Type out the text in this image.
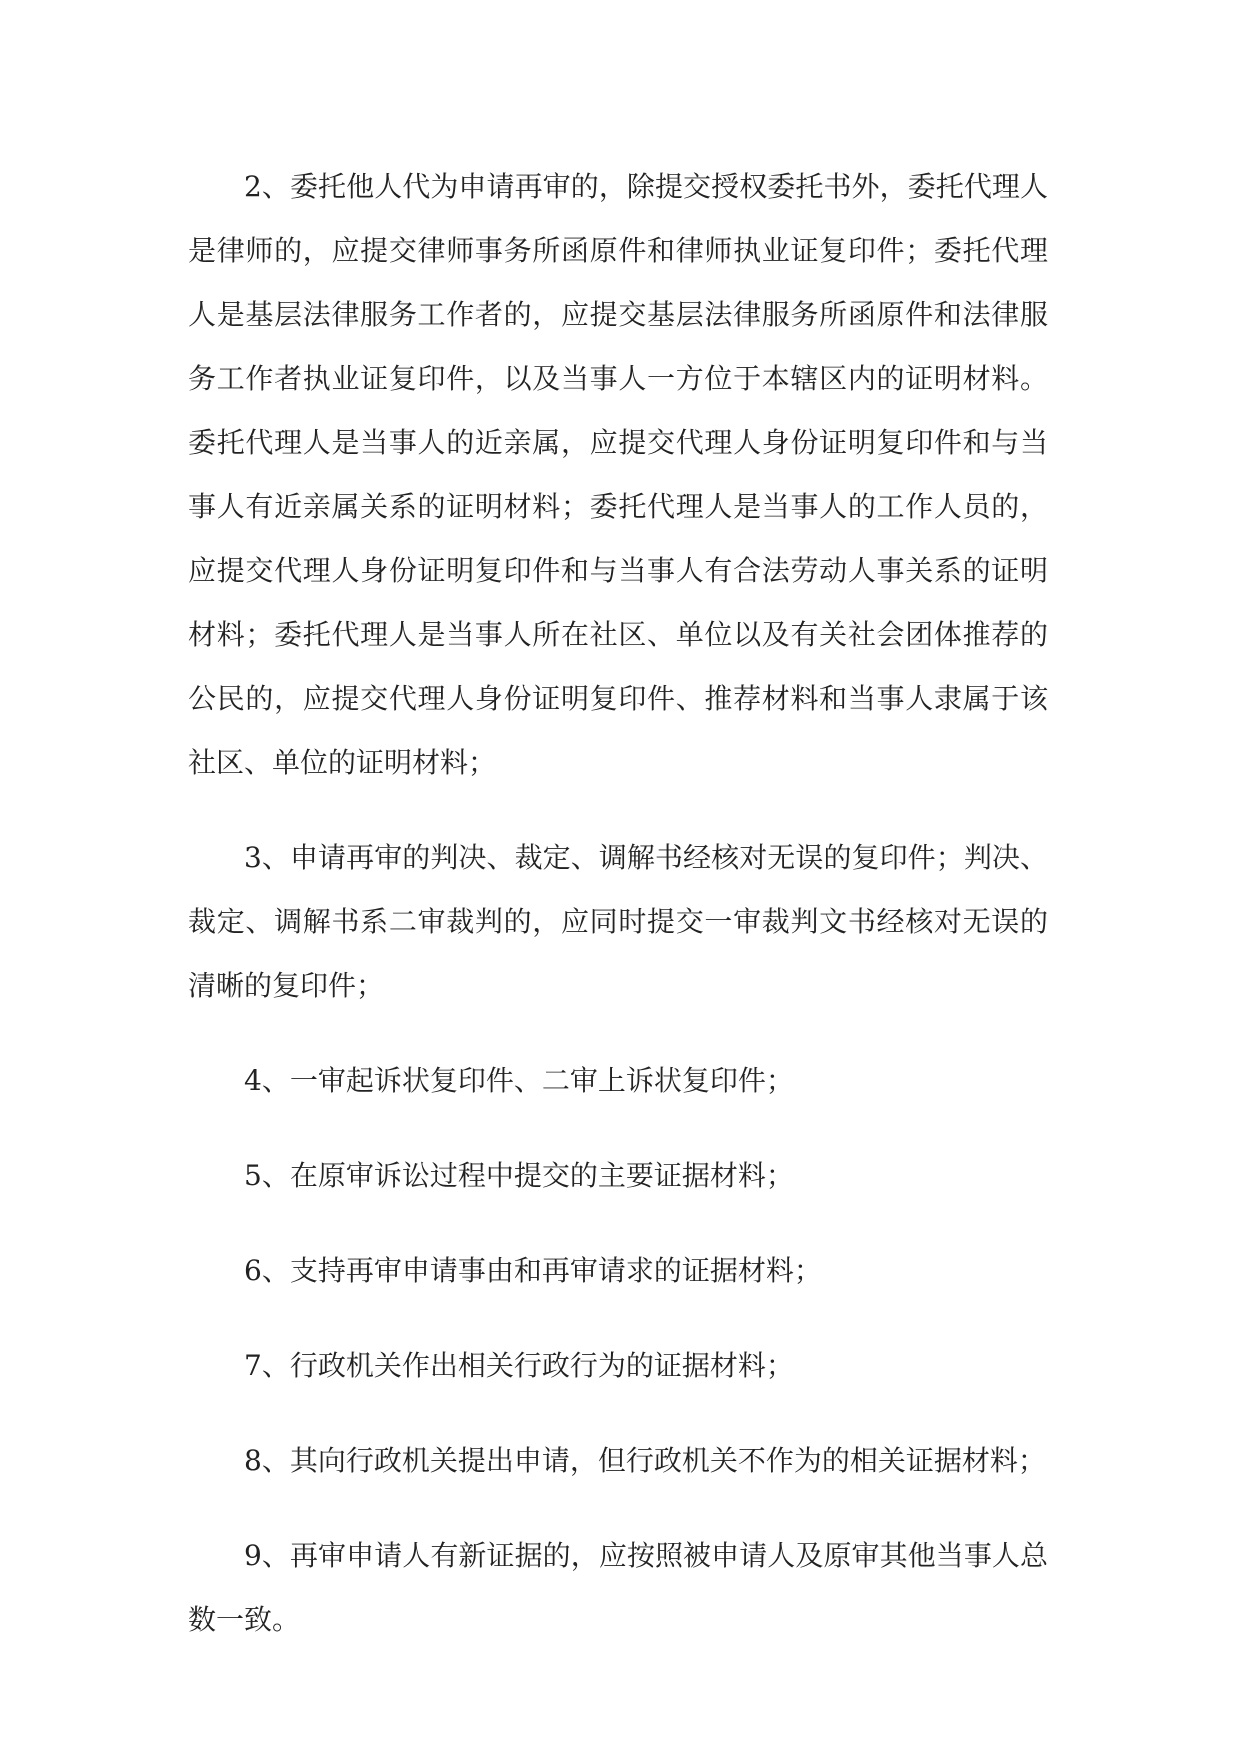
2、委托他人代为申请再审的，除提交授权委托书外，委托代理人是律师的，应提交律师事务所函原件和律师执业证复印件；委托代理人是基层法律服务工作者的，应提交基层法律服务所函原件和法律服务工作者执业证复印件，以及当事人一方位于本辖区内的证明材料。委托代理人是当事人的近亲属，应提交代理人身份证明复印件和与当事人有近亲属关系的证明材料；委托代理人是当事人的工作人员的，应提交代理人身份证明复印件和与当事人有合法劳动人事关系的证明材料；委托代理人是当事人所在社区、单位以及有关社会团体推荐的公民的，应提交代理人身份证明复印件、推荐材料和当事人隶属于该社区、单位的证明材料；

3、申请再审的判决、裁定、调解书经核对无误的复印件；判决、裁定、调解书系二审裁判的，应同时提交一审裁判文书经核对无误的清晰的复印件；

4、一审起诉状复印件、二审上诉状复印件；

5、在原审诉讼过程中提交的主要证据材料；

6、支持再审申请事由和再审请求的证据材料；

7、行政机关作出相关行政行为的证据材料；

8、其向行政机关提出申请，但行政机关不作为的相关证据材料；

9、再审申请人有新证据的，应按照被申请人及原审其他当事人总数一致。
